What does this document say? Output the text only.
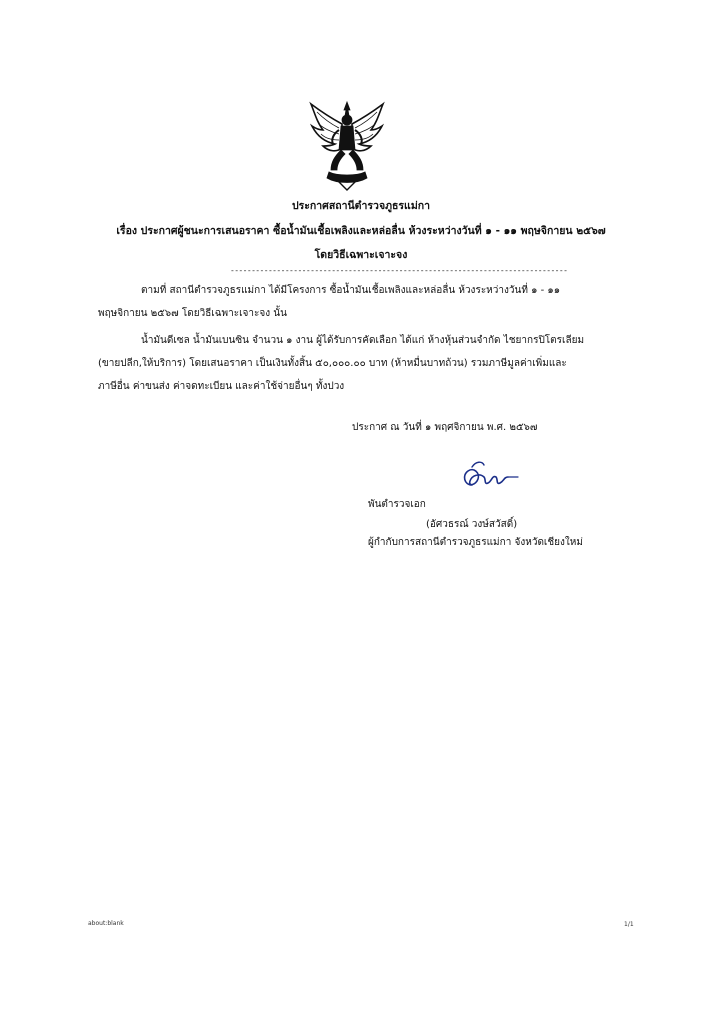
ประกาศสถานีตำรวจภูธรแม่กา
เรื่อง ประกาศผู้ชนะการเสนอราคา ซื้อน้ำมันเชื้อเพลิงและหล่อลื่น ห้วงระหว่างวันที่ ๑ - ๑๑ พฤษจิกายน ๒๕๖๗
โดยวิธีเฉพาะเจาะจง
--------------------------------------------------------------------------------
ตามที่ สถานีตำรวจภูธรแม่กา ได้มีโครงการ ซื้อน้ำมันเชื้อเพลิงและหล่อลื่น ห้วงระหว่างวันที่ ๑ - ๑๑
พฤษจิกายน ๒๕๖๗ โดยวิธีเฉพาะเจาะจง นั้น
น้ำมันดีเซล น้ำมันเบนซิน จำนวน ๑ งาน ผู้ได้รับการคัดเลือก ได้แก่ ห้างหุ้นส่วนจำกัด ไชยากรปิโตรเลียม
(ขายปลีก,ให้บริการ) โดยเสนอราคา เป็นเงินทั้งสิ้น ๕๐,๐๐๐.๐๐ บาท (ห้าหมื่นบาทถ้วน) รวมภาษีมูลค่าเพิ่มและ
ภาษีอื่น ค่าขนส่ง ค่าจดทะเบียน และค่าใช้จ่ายอื่นๆ ทั้งปวง
ประกาศ ณ วันที่ ๑ พฤศจิกายน พ.ศ. ๒๕๖๗
พันตำรวจเอก
(อัศวธรณ์ วงษ์สวัสดิ์)
ผู้กำกับการสถานีตำรวจภูธรแม่กา จังหวัดเชียงใหม่
about:blank	1/1
